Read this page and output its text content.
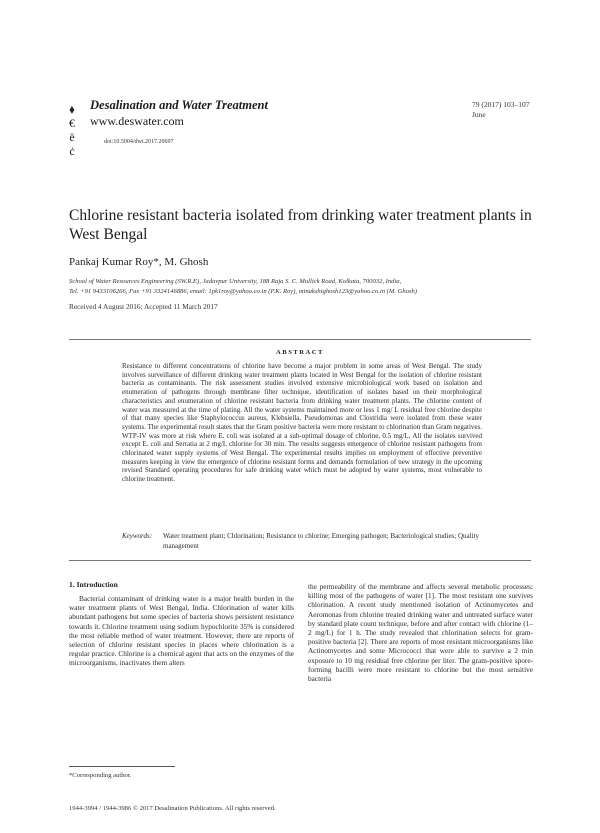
⬧
€
ë
ċ
Desalination and Water Treatment
www.deswater.com
doi:10.5004/dwt.2017.20697
79 (2017) 103–107
June
Chlorine resistant bacteria isolated from drinking water treatment plants in West Bengal
Pankaj Kumar Roy*, M. Ghosh
School of Water Resources Engineering (SW.R.E), Jadavpur University, 188 Raja S. C. Mullick Road, Kolkata, 700032, India,
Tel. +91 9433106266, Fax +91 3324146886, email: 1pk1roy@yahoo.co.in (P.K. Roy), minakshighosh123@yahoo.co.in (M. Ghosh)
Received 4 August 2016; Accepted 11 March 2017
ABSTRACT
Resistance to different concentrations of chlorine have become a major problem in some areas of West Bengal. The study involves surveillance of different drinking water treatment plants located in West Bengal for the isolation of chlorine resistant bacteria as contaminants. The risk assessment studies involved extensive microbiological work based on isolation and enumeration of pathogens through membrane filter technique, identification of isolates based on their morphological characteristics and enumeration of chlorine resistant bacteria from drinking water treatment plants. The chlorine content of water was measured at the time of plating. All the water systems maintained more or less 1 mg/ L residual free chlorine despite of that many species like Staphylococcus aureus, Klebsiella, Pseudomonas and Clostridia were isolated from these water systems. The experimental result states that the Gram positive bacteria were more resistant to chlorination than Gram negatives. WTP-IV was more at risk where E. coli was isolated at a sub-optimal dosage of chlorine, 0.5 mg/L. All the isolates survived except E. coli and Serratia at 2 mg/L chlorine for 30 min. The results suggests emergence of chlorine resistant pathogens from chlorinated water supply systems of West Bengal. The experimental results implies on employment of effective preventive measures keeping in view the emergence of chlorine resistant forms and demands formulation of new strategy in the upcoming revised Standard operating procedures for safe drinking water which must be adopted by water systems, most vulnerable to chlorine treatment.
Keywords: Water treatment plant; Chlorination; Resistance to chlorine; Emerging pathogen; Bacteriological studies; Quality management
1. Introduction
Bacterial contaminant of drinking water is a major health burden in the water treatment plants of West Bengal, India. Chlorination of water kills abundant pathogens but some species of bacteria shows persistent resistance towards it. Chlorine treatment using sodium hypochlorite 35% is considered the most reliable method of water treatment. However, there are reports of selection of chlorine resistant species in places where chlorination is a regular practice. Chlorine is a chemical agent that acts on the enzymes of the microorganisms, inactivates them alters

the permeability of the membrane and affects several metabolic processes; killing most of the pathogens of water [1]. The most resistant one survives chlorination. A recent study mentioned isolation of Actinomycetes and Aeromonas from chlorine treated drinking water and untreated surface water by standard plate count technique, before and after contact with chlorine (1–2 mg/L) for 1 h. The study revealed that chlorination selects for gram-positive bacteria [2]. There are reports of most resistant microorganisms like Actinomycetes and some Micrococci that were able to survive a 2 min exposure to 10 mg residual free chlorine per liter. The gram-positive spore-forming bacilli were more resistant to chlorine but the most sensitive bacteria

*Corresponding author.
1944-3994 / 1944-3986 © 2017 Desalination Publications. All rights reserved.
